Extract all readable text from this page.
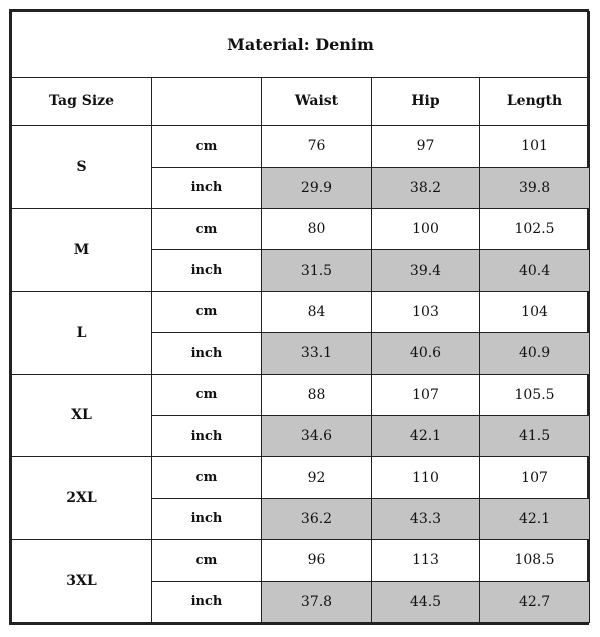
Material: Denim				
Tag Size		Waist	Hip	Length
S	cm	76	97	101
	inch	29.9	38.2	39.8
M	cm	80	100	102.5
	inch	31.5	39.4	40.4
L	cm	84	103	104
	inch	33.1	40.6	40.9
XL	cm	88	107	105.5
	inch	34.6	42.1	41.5
2XL	cm	92	110	107
	inch	36.2	43.3	42.1
3XL	cm	96	113	108.5
	inch	37.8	44.5	42.7
